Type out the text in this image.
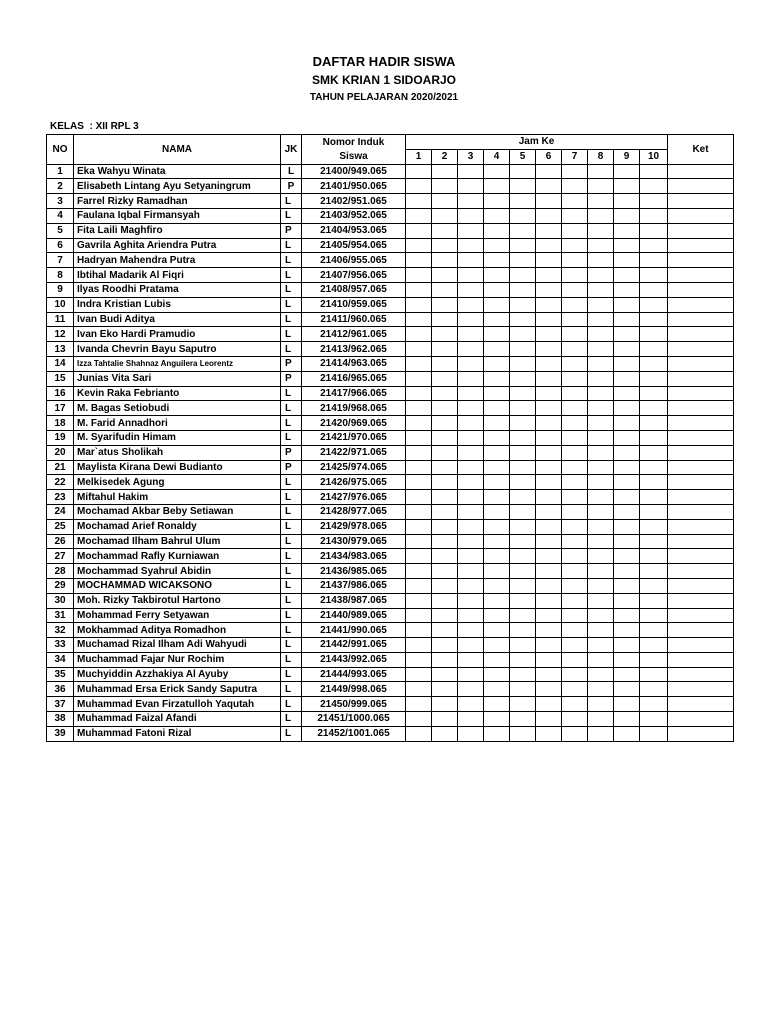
DAFTAR HADIR SISWA
SMK KRIAN 1 SIDOARJO
TAHUN PELAJARAN 2020/2021
KELAS : XII RPL 3
NO	NAMA	JK	Nomor Induk	Jam Ke										Ket
			Siswa	1	2	3	4	5	6	7	8	9	10	
1	Eka Wahyu Winata	L	21400/949.065											
2	Elisabeth Lintang Ayu Setyaningrum	P	21401/950.065											
3	Farrel Rizky Ramadhan	L	21402/951.065											
4	Faulana Iqbal Firmansyah	L	21403/952.065											
5	Fita Laili Maghfiro	P	21404/953.065											
6	Gavrila Aghita Ariendra Putra	L	21405/954.065											
7	Hadryan Mahendra Putra	L	21406/955.065											
8	Ibtihal Madarik Al Fiqri	L	21407/956.065											
9	Ilyas Roodhi Pratama	L	21408/957.065											
10	Indra Kristian Lubis	L	21410/959.065											
11	Ivan Budi Aditya	L	21411/960.065											
12	Ivan Eko Hardi Pramudio	L	21412/961.065											
13	Ivanda Chevrin Bayu Saputro	L	21413/962.065											
14	Izza Tahtalie Shahnaz Anguilera Leorentz	P	21414/963.065											
15	Junias Vita Sari	P	21416/965.065											
16	Kevin Raka Febrianto	L	21417/966.065											
17	M. Bagas Setiobudi	L	21419/968.065											
18	M. Farid Annadhori	L	21420/969.065											
19	M. Syarifudin Himam	L	21421/970.065											
20	Mar`atus Sholikah	P	21422/971.065											
21	Maylista Kirana Dewi Budianto	P	21425/974.065											
22	Melkisedek Agung	L	21426/975.065											
23	Miftahul Hakim	L	21427/976.065											
24	Mochamad Akbar Beby Setiawan	L	21428/977.065											
25	Mochamad Arief Ronaldy	L	21429/978.065											
26	Mochamad Ilham Bahrul Ulum	L	21430/979.065											
27	Mochammad Rafly Kurniawan	L	21434/983.065											
28	Mochammad Syahrul Abidin	L	21436/985.065											
29	MOCHAMMAD WICAKSONO	L	21437/986.065											
30	Moh. Rizky Takbirotul Hartono	L	21438/987.065											
31	Mohammad Ferry Setyawan	L	21440/989.065											
32	Mokhammad Aditya Romadhon	L	21441/990.065											
33	Muchamad Rizal Ilham Adi Wahyudi	L	21442/991.065											
34	Muchammad Fajar Nur Rochim	L	21443/992.065											
35	Muchyiddin Azzhakiya Al Ayuby	L	21444/993.065											
36	Muhammad Ersa Erick Sandy Saputra	L	21449/998.065											
37	Muhammad Evan Firzatulloh Yaqutah	L	21450/999.065											
38	Muhammad Faizal Afandi	L	21451/1000.065											
39	Muhammad Fatoni Rizal	L	21452/1001.065											
